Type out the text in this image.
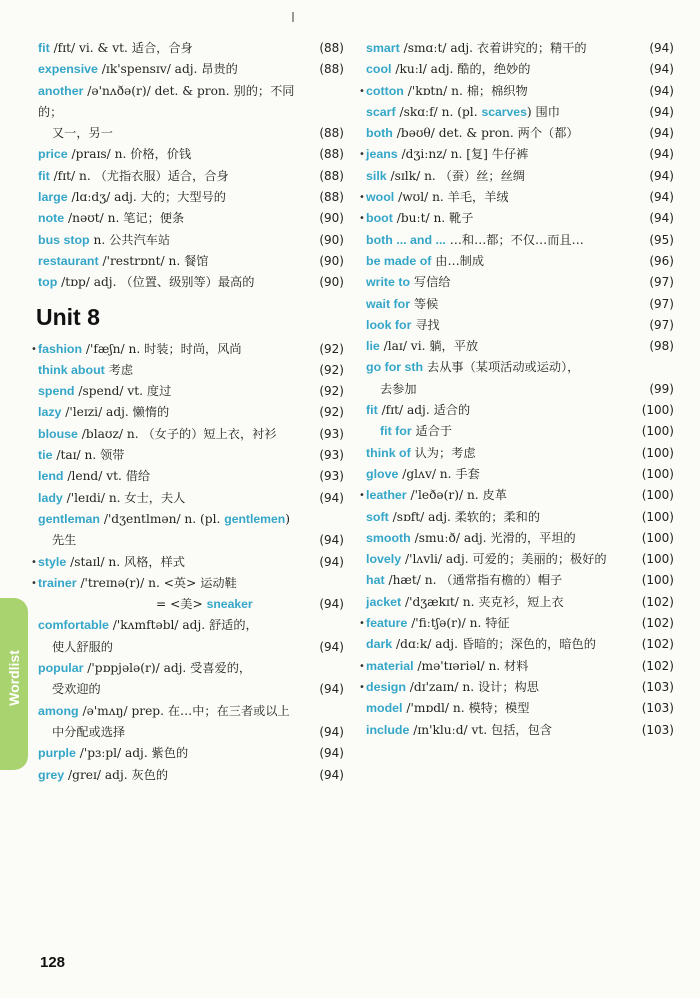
fit /fɪt/ vi. & vt. 适合，合身	(88)
expensive /ɪk'spensɪv/ adj. 昂贵的	(88)
another /ə'nʌðə(r)/ det. & pron. 别的；不同的；
又一，另一	(88)
price /praɪs/ n. 价格，价钱	(88)
fit /fɪt/ n. （尤指衣服）适合，合身	(88)
large /lɑːdʒ/ adj. 大的；大型号的	(88)
note /nəʊt/ n. 笔记；便条	(90)
bus stop n. 公共汽车站	(90)
restaurant /'restrɒnt/ n. 餐馆	(90)
top /tɒp/ adj. （位置、级别等）最高的	(90)
Unit 8
• fashion /'fæʃn/ n. 时装；时尚，风尚	(92)
think about 考虑	(92)
spend /spend/ vt. 度过	(92)
lazy /'leɪzi/ adj. 懒惰的	(92)
blouse /blaʊz/ n. （女子的）短上衣，衬衫	(93)
tie /taɪ/ n. 领带	(93)
lend /lend/ vt. 借给	(93)
lady /'leɪdi/ n. 女士，夫人	(94)
gentleman /'dʒentlmən/ n. (pl. gentlemen)
先生	(94)
• style /staɪl/ n. 风格，样式	(94)
• trainer /'treɪnə(r)/ n. <英> 运动鞋
= <美> sneaker	(94)
comfortable /'kʌmftəbl/ adj. 舒适的，
使人舒服的	(94)
popular /'pɒpjələ(r)/ adj. 受喜爱的，
受欢迎的	(94)
among /ə'mʌŋ/ prep. 在…中；在三者或以上
中分配或选择	(94)
purple /'pɜːpl/ adj. 紫色的	(94)
grey /greɪ/ adj. 灰色的	(94)
smart /smɑːt/ adj. 衣着讲究的；精干的	(94)
cool /kuːl/ adj. 酷的，绝妙的	(94)
• cotton /'kɒtn/ n. 棉；棉织物	(94)
scarf /skɑːf/ n. (pl. scarves) 围巾	(94)
both /bəʊθ/ det. & pron. 两个（都）	(94)
• jeans /dʒiːnz/ n. [复] 牛仔裤	(94)
silk /sɪlk/ n. （蚕）丝；丝绸	(94)
• wool /wʊl/ n. 羊毛，羊绒	(94)
• boot /buːt/ n. 靴子	(94)
both ... and ... …和…都；不仅…而且…	(95)
be made of 由…制成	(96)
write to 写信给	(97)
wait for 等候	(97)
look for 寻找	(97)
lie /laɪ/ vi. 躺，平放	(98)
go for sth 去从事（某项活动或运动），
去参加	(99)
fit /fɪt/ adj. 适合的	(100)
fit for 适合于	(100)
think of 认为；考虑	(100)
glove /glʌv/ n. 手套	(100)
• leather /'leðə(r)/ n. 皮革	(100)
soft /sɒft/ adj. 柔软的；柔和的	(100)
smooth /smuːð/ adj. 光滑的，平坦的	(100)
lovely /'lʌvli/ adj. 可爱的；美丽的；极好的	(100)
hat /hæt/ n. （通常指有檐的）帽子	(100)
jacket /'dʒækɪt/ n. 夹克衫，短上衣	(102)
• feature /'fiːtʃə(r)/ n. 特征	(102)
dark /dɑːk/ adj. 昏暗的；深色的，暗色的	(102)
• material /mə'tɪəriəl/ n. 材料	(102)
• design /dɪ'zaɪn/ n. 设计；构思	(103)
model /'mɒdl/ n. 模特；模型	(103)
include /ɪn'kluːd/ vt. 包括，包含	(103)
Wordlist
128
